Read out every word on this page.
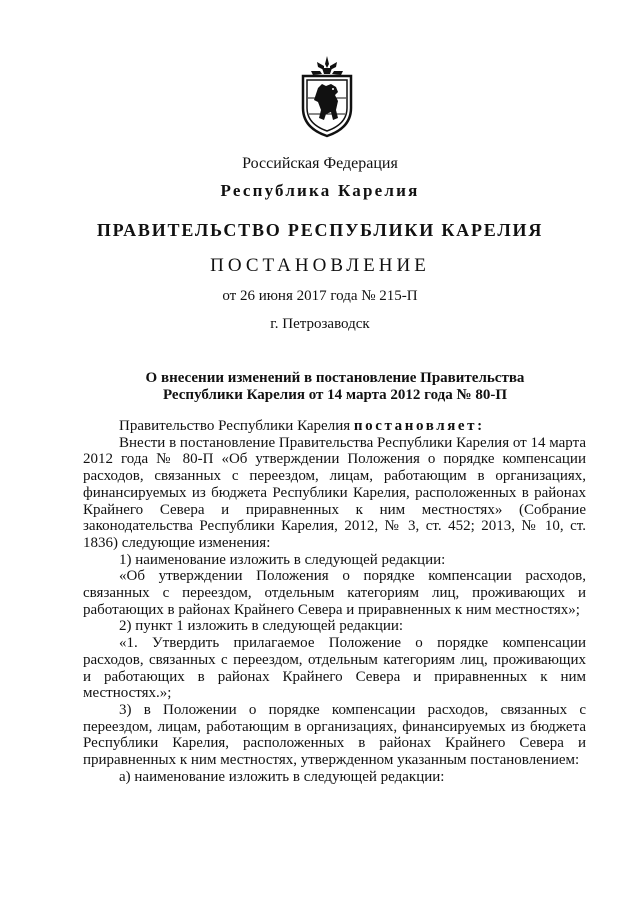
Российская Федерация
Республика Карелия
ПРАВИТЕЛЬСТВО РЕСПУБЛИКИ КАРЕЛИЯ
ПОСТАНОВЛЕНИЕ
от 26 июня 2017 года № 215-П
г. Петрозаводск
О внесении изменений в постановление Правительства
Республики Карелия от 14 марта 2012 года № 80-П

Правительство Республики Карелия постановляет:

Внести в постановление Правительства Республики Карелия от 14 марта 2012 года № 80-П «Об утверждении Положения о порядке компенсации расходов, связанных с переездом, лицам, работающим в организациях, финансируемых из бюджета Республики Карелия, расположенных в районах Крайнего Севера и приравненных к ним местностях» (Собрание законодательства Республики Карелия, 2012, № 3, ст. 452; 2013, № 10, ст. 1836) следующие изменения:

1) наименование изложить в следующей редакции:

«Об утверждении Положения о порядке компенсации расходов, связанных с переездом, отдельным категориям лиц, проживающих и работающих в районах Крайнего Севера и приравненных к ним местностях»;

2) пункт 1 изложить в следующей редакции:

«1. Утвердить прилагаемое Положение о порядке компенсации расходов, связанных с переездом, отдельным категориям лиц, проживающих и работающих в районах Крайнего Севера и приравненных к ним местностях.»;

3) в Положении о порядке компенсации расходов, связанных с переездом, лицам, работающим в организациях, финансируемых из бюджета Республики Карелия, расположенных в районах Крайнего Севера и приравненных к ним местностях, утвержденном указанным постановлением:

а) наименование изложить в следующей редакции:
